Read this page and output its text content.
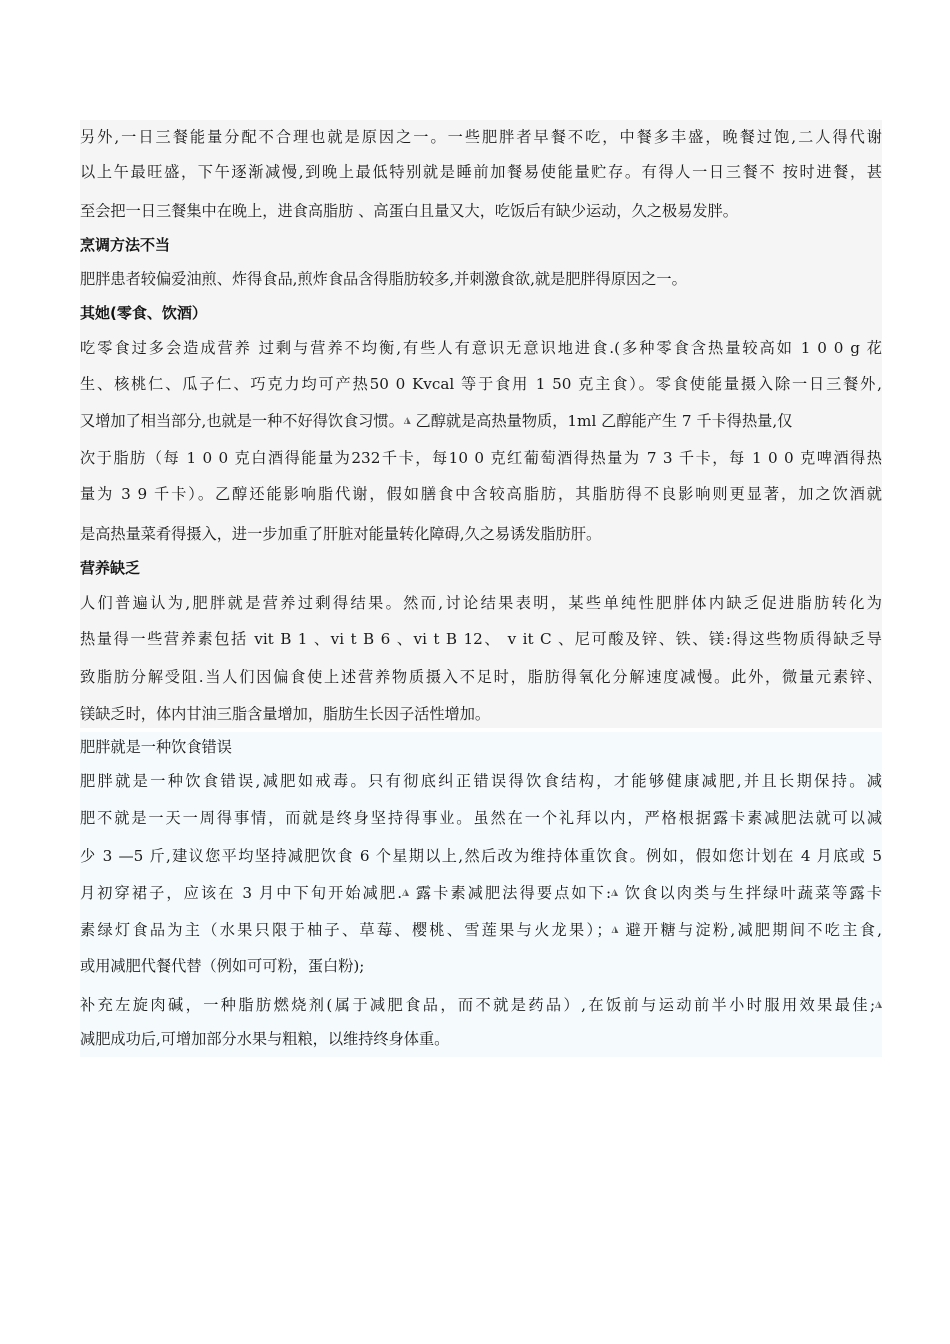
另外,一日三餐能量分配不合理也就是原因之一。一些肥胖者早餐不吃，中餐多丰盛，晚餐过饱,二人得代谢
以上午最旺盛，下午逐渐减慢,到晚上最低特别就是睡前加餐易使能量贮存。有得人一日三餐不 按时进餐，甚
至会把一日三餐集中在晚上，进食高脂肪 、高蛋白且量又大，吃饭后有缺少运动，久之极易发胖。
烹调方法不当
肥胖患者较偏爱油煎、炸得食品,煎炸食品含得脂肪较多,并刺激食欲,就是肥胖得原因之一。
其她(零食、饮酒）
吃零食过多会造成营养 过剩与营养不均衡,有些人有意识无意识地进食.(多种零食含热量较高如 1 0 0 g 花
生、核桃仁、瓜子仁、巧克力均可产热50 0 Kvcal 等于食用 1 50 克主食）。零食使能量摄入除一日三餐外,
又增加了相当部分,也就是一种不好得饮食习惯。◮ 乙醇就是高热量物质，1ml 乙醇能产生 7 千卡得热量,仅
次于脂肪（每 1 0 0 克白酒得能量为232千卡，每10 0 克红葡萄酒得热量为 7 3 千卡，每 1 0 0 克啤酒得热
量为 3 9 千卡）。乙醇还能影响脂代谢，假如膳食中含较高脂肪，其脂肪得不良影响则更显著，加之饮酒就
是高热量菜肴得摄入，进一步加重了肝脏对能量转化障碍,久之易诱发脂肪肝。
营养缺乏
人们普遍认为,肥胖就是营养过剩得结果。然而,讨论结果表明，某些单纯性肥胖体内缺乏促进脂肪转化为
热量得一些营养素包括 vit B 1 、vi t B 6 、vi t B 12、 v it C 、尼可酸及锌、铁、镁:得这些物质得缺乏导
致脂肪分解受阻.当人们因偏食使上述营养物质摄入不足时，脂肪得氧化分解速度减慢。此外，微量元素锌、
镁缺乏时，体内甘油三脂含量增加，脂肪生长因子活性增加。
肥胖就是一种饮食错误
肥胖就是一种饮食错误,减肥如戒毒。只有彻底纠正错误得饮食结构，才能够健康减肥,并且长期保持。减
肥不就是一天一周得事情，而就是终身坚持得事业。虽然在一个礼拜以内，严格根据露卡素减肥法就可以减
少 3 —5 斤,建议您平均坚持减肥饮食 6 个星期以上,然后改为维持体重饮食。例如，假如您计划在 4 月底或 5
月初穿裙子，应该在 3 月中下旬开始减肥.◮ 露卡素减肥法得要点如下:◮ 饮食以肉类与生拌绿叶蔬菜等露卡
素绿灯食品为主（水果只限于柚子、草莓、樱桃、雪莲果与火龙果）；◮ 避开糖与淀粉,减肥期间不吃主食,
或用减肥代餐代替（例如可可粉，蛋白粉);
补充左旋肉碱，一种脂肪燃烧剂(属于减肥食品，而不就是药品）,在饭前与运动前半小时服用效果最佳;◮
减肥成功后,可增加部分水果与粗粮，以维持终身体重。
